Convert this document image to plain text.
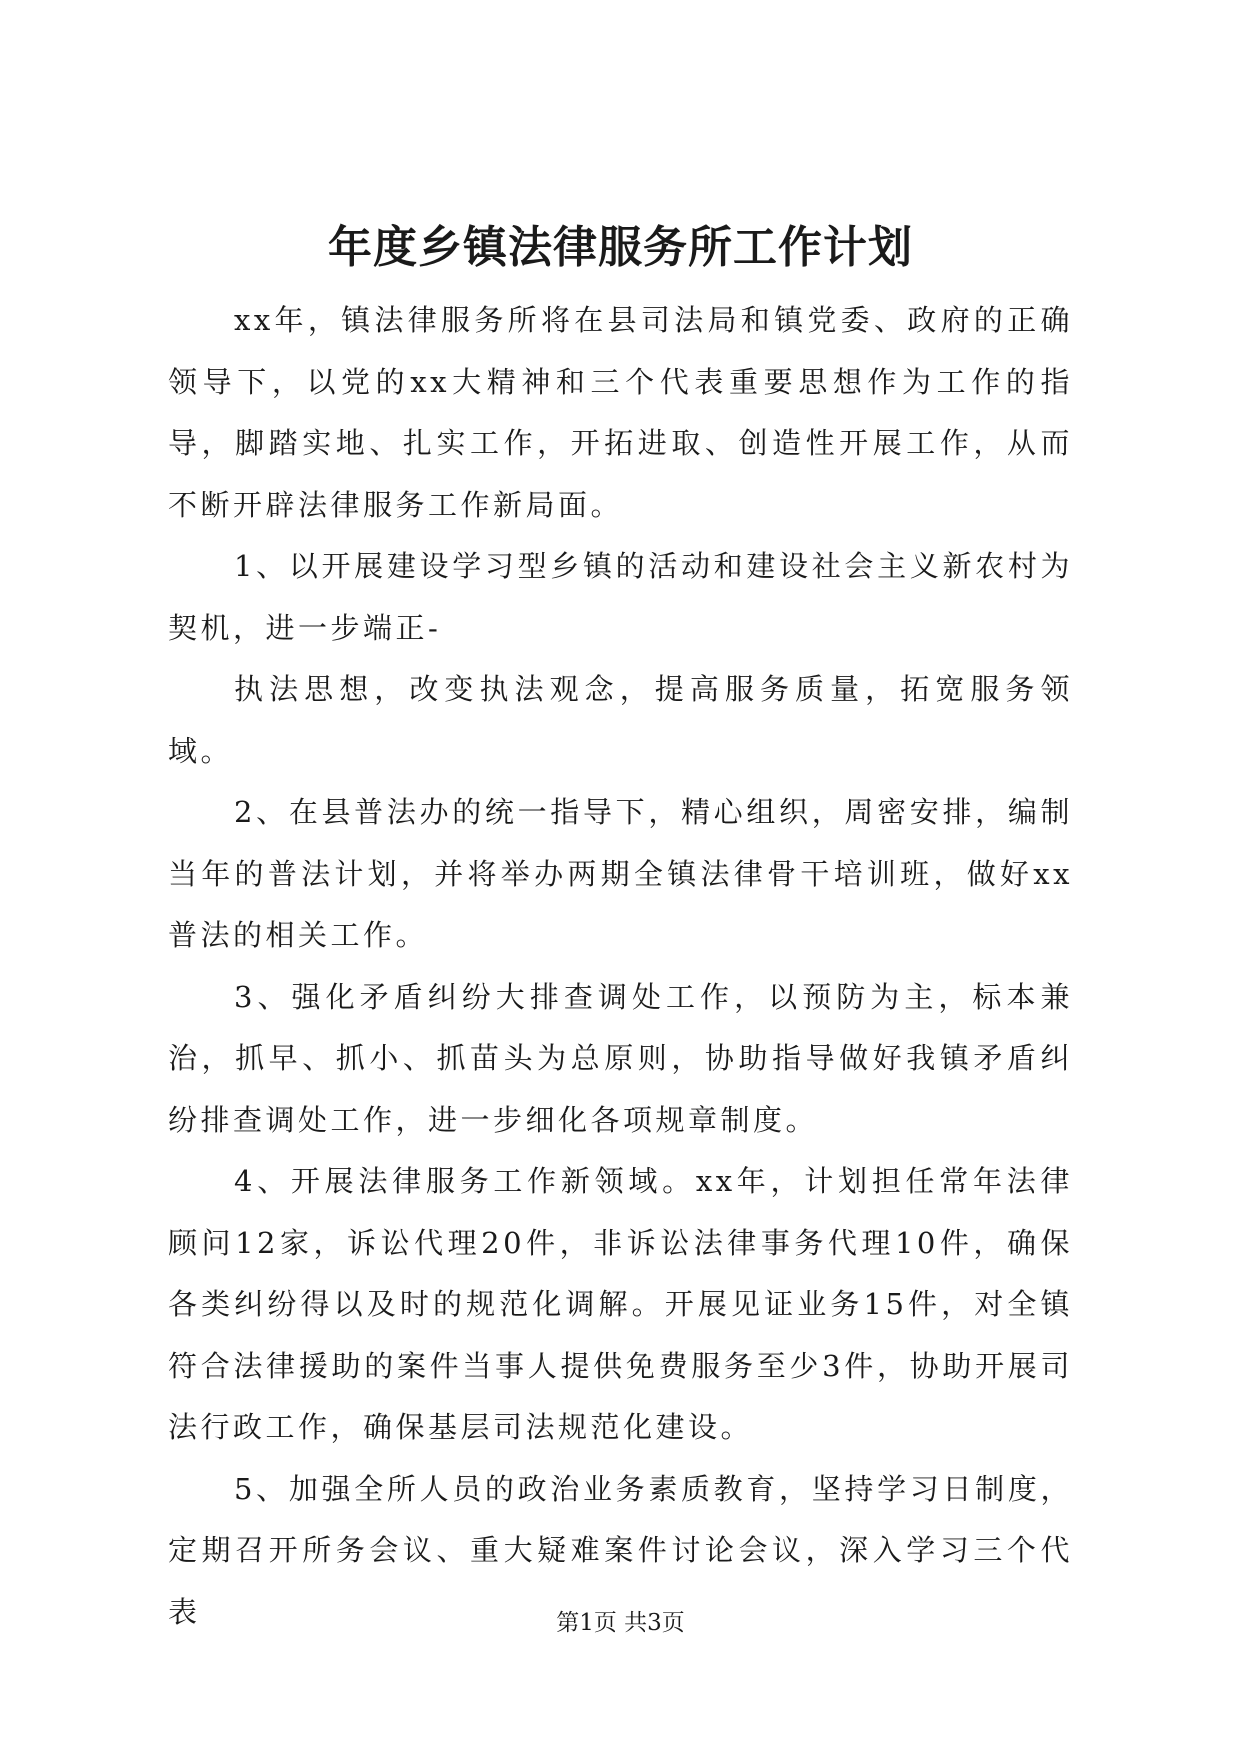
年度乡镇法律服务所工作计划

xx年，镇法律服务所将在县司法局和镇党委、政府的正确领导下，以党的xx大精神和三个代表重要思想作为工作的指导，脚踏实地、扎实工作，开拓进取、创造性开展工作，从而不断开辟法律服务工作新局面。

1、以开展建设学习型乡镇的活动和建设社会主义新农村为契机，进一步端正-

执法思想，改变执法观念，提高服务质量，拓宽服务领域。

2、在县普法办的统一指导下，精心组织，周密安排，编制当年的普法计划，并将举办两期全镇法律骨干培训班，做好xx普法的相关工作。

3、强化矛盾纠纷大排查调处工作，以预防为主，标本兼治，抓早、抓小、抓苗头为总原则，协助指导做好我镇矛盾纠纷排查调处工作，进一步细化各项规章制度。

4、开展法律服务工作新领域。xx年，计划担任常年法律顾问12家，诉讼代理20件，非诉讼法律事务代理10件，确保各类纠纷得以及时的规范化调解。开展见证业务15件，对全镇符合法律援助的案件当事人提供免费服务至少3件，协助开展司法行政工作，确保基层司法规范化建设。

5、加强全所人员的政治业务素质教育，坚持学习日制度，定期召开所务会议、重大疑难案件讨论会议，深入学习三个代表	第1页 共3页
